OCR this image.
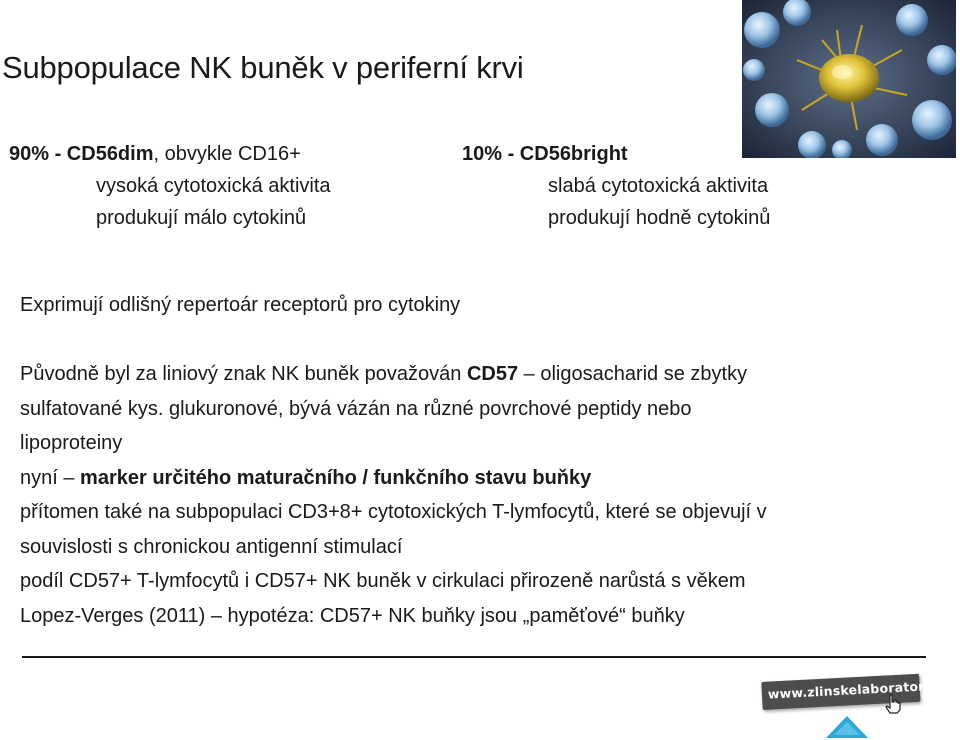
Subpopulace NK buněk v periferní krvi
90% - CD56dim, obvykle CD16+
vysoká cytotoxická aktivita
produkují málo cytokinů
10% - CD56bright
slabá cytotoxická aktivita
produkují hodně cytokinů
Exprimují odlišný repertoár receptorů pro cytokiny
Původně byl za liniový znak NK buněk považován CD57 – oligosacharid se zbytky
sulfatované kys. glukuronové, bývá vázán na různé povrchové peptidy nebo
lipoproteiny
nyní – marker určitého maturačního / funkčního stavu buňky
přítomen také na subpopulaci CD3+8+ cytotoxických T-lymfocytů, které se objevují v
souvislosti s chronickou antigenní stimulací
podíl CD57+ T-lymfocytů i CD57+ NK buněk v cirkulaci přirozeně narůstá s věkem
Lopez-Verges (2011) – hypotéza: CD57+ NK buňky jsou „paměťové“ buňky
www.zlinskelaboratore.cz
